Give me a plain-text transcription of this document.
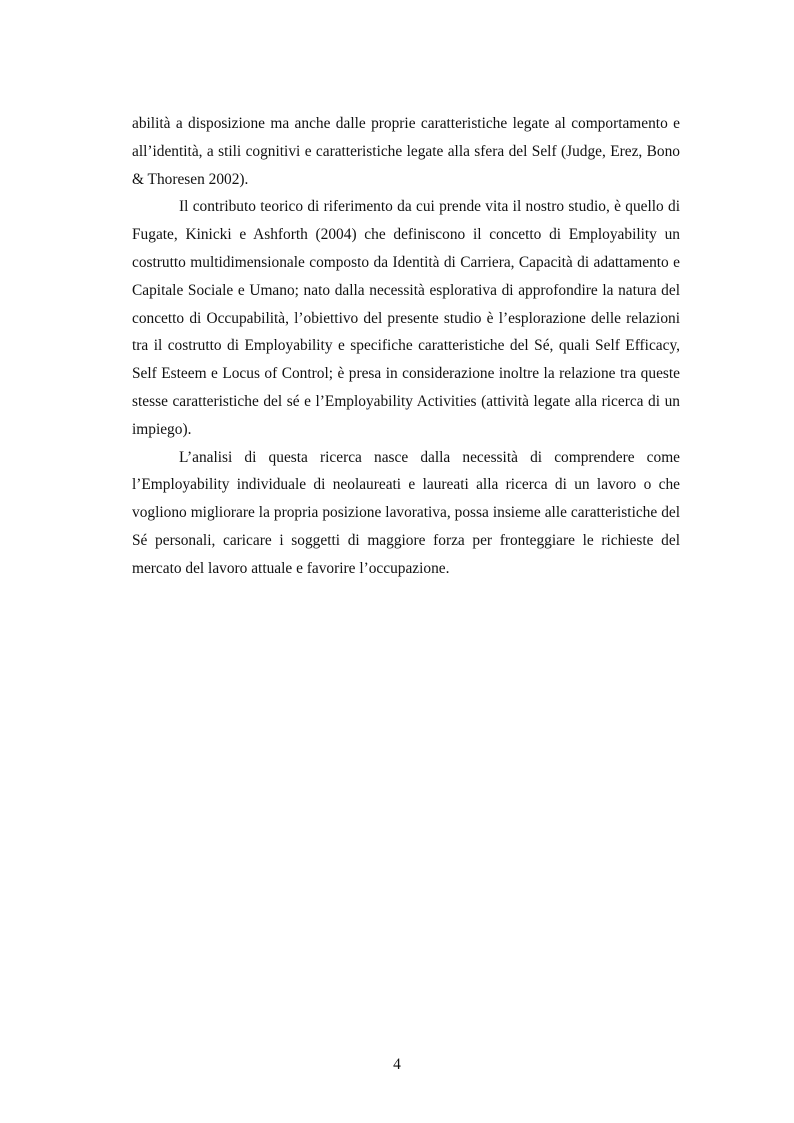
abilità a disposizione ma anche dalle proprie caratteristiche legate al comportamento e all’identità, a stili cognitivi e caratteristiche legate alla sfera del Self (Judge, Erez, Bono & Thoresen 2002).

Il contributo teorico di riferimento da cui prende vita il nostro studio, è quello di Fugate, Kinicki e Ashforth (2004) che definiscono il concetto di Employability un costrutto multidimensionale composto da Identità di Carriera, Capacità di adattamento e Capitale Sociale e Umano; nato dalla necessità esplorativa di approfondire la natura del concetto di Occupabilità, l’obiettivo del presente studio è l’esplorazione delle relazioni tra il costrutto di Employability e specifiche caratteristiche del Sé, quali Self Efficacy, Self Esteem e Locus of Control; è presa in considerazione inoltre la relazione tra queste stesse caratteristiche del sé e l’Employability Activities (attività legate alla ricerca di un impiego).

L’analisi di questa ricerca nasce dalla necessità di comprendere come l’Employability individuale di neolaureati e laureati alla ricerca di un lavoro o che vogliono migliorare la propria posizione lavorativa, possa insieme alle caratteristiche del Sé personali, caricare i soggetti di maggiore forza per fronteggiare le richieste del mercato del lavoro attuale e favorire l’occupazione.

4
